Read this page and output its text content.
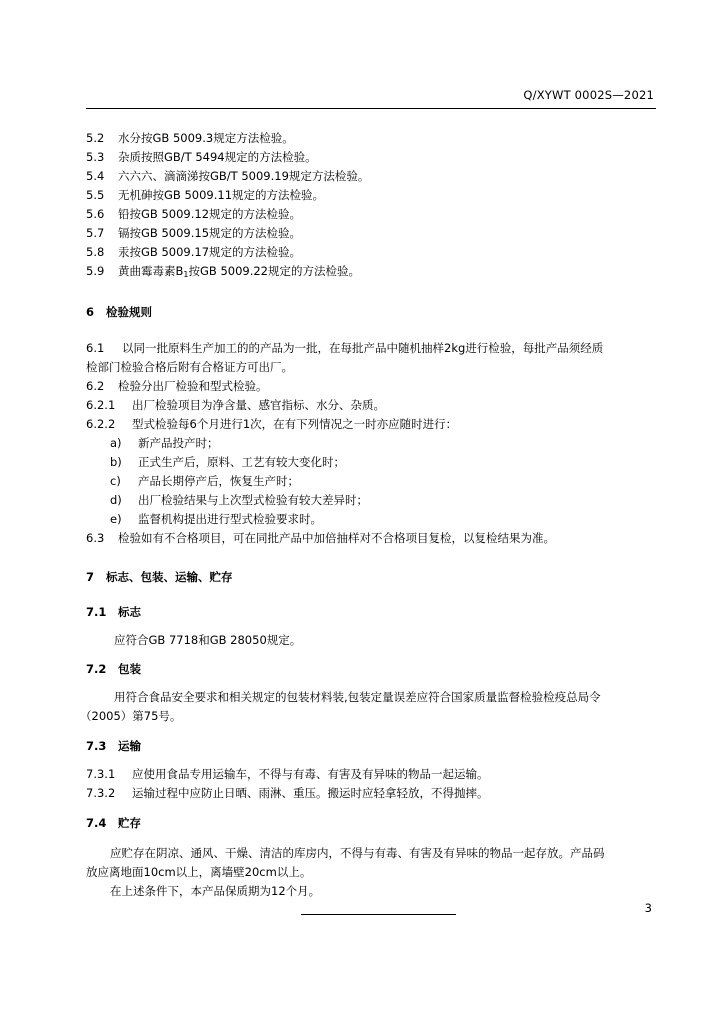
Q/XYWT 0002S—2021
5.2 水分按GB 5009.3规定方法检验。
5.3 杂质按照GB/T 5494规定的方法检验。
5.4 六六六、滴滴涕按GB/T 5009.19规定方法检验。
5.5 无机砷按GB 5009.11规定的方法检验。
5.6 铅按GB 5009.12规定的方法检验。
5.7 镉按GB 5009.15规定的方法检验。
5.8 汞按GB 5009.17规定的方法检验。
5.9 黄曲霉毒素$B_1$按GB 5009.22规定的方法检验。
6 检验规则
6.1 以同一批原料生产加工的的产品为一批，在每批产品中随机抽样2kg进行检验，每批产品须经质
检部门检验合格后附有合格证方可出厂。
6.2 检验分出厂检验和型式检验。
6.2.1 出厂检验项目为净含量、感官指标、水分、杂质。
6.2.2 型式检验每6个月进行1次，在有下列情况之一时亦应随时进行：
a) 新产品投产时；
b) 正式生产后，原料、工艺有较大变化时；
c) 产品长期停产后，恢复生产时；
d) 出厂检验结果与上次型式检验有较大差异时；
e) 监督机构提出进行型式检验要求时。
6.3 检验如有不合格项目，可在同批产品中加倍抽样对不合格项目复检，以复检结果为准。
7 标志、包装、运输、贮存
7.1 标志
应符合GB 7718和GB 28050规定。
7.2 包装
用符合食品安全要求和相关规定的包装材料装,包装定量误差应符合国家质量监督检验检疫总局令
（2005）第75号。
7.3 运输
7.3.1 应使用食品专用运输车，不得与有毒、有害及有异味的物品一起运输。
7.3.2 运输过程中应防止日晒、雨淋、重压。搬运时应轻拿轻放，不得抛摔。
7.4 贮存
应贮存在阴凉、通风、干燥、清洁的库房内，不得与有毒、有害及有异味的物品一起存放。产品码
放应离地面10cm以上，离墙壁20cm以上。
在上述条件下，本产品保质期为12个月。
3
